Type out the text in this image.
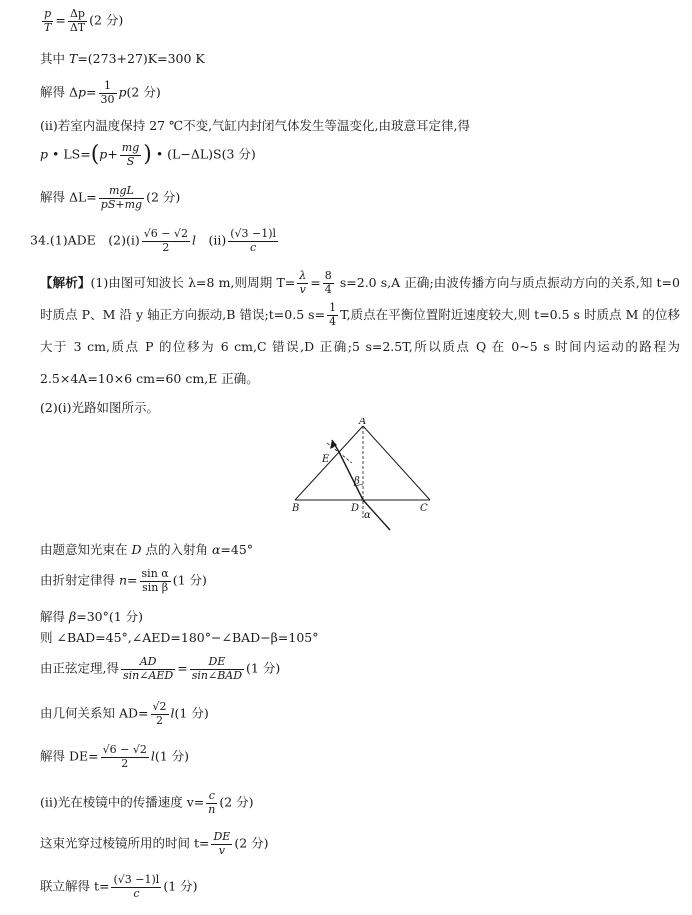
$\frac{p}{T} = \frac{\Delta p}{\Delta T} (2$ 分)
其中 T=(273+27)K=300 K
解得 $\Delta p= \frac{1}{30} p(2$ 分)
(ⅱ)若室内温度保持 27 ℃不变,气缸内封闭气体发生等温变化,由玻意耳定律,得
p • $LS=(p+ \frac{mg}{S}$ ) • (L−ΔL)S(3 分)
解得 ΔL=	mgL
pS+mg (2 分)
34.(1)ADE　(2)(ⅰ) $\frac{√6 - √2}{2}$ l　(ⅱ) $\frac{(√3 -1)l}{c}$
【解析】(1)由图可知波长 λ=8 m,则周期 $T= \frac{\lambda}{v} = \frac{8}{4} s=2.0$ s,A 正确;由波传播方向与质点振动方向的关系,知 t=0 时质点 P、M 沿 y 轴正方向振动,B 错误;t=0.5 $s= \frac{1}{4} T$,质点在平衡位置附近速度较大,则 t=0.5 s 时质点 M 的位移大于 3 cm,质点 P 的位移为 6 cm,C 错误,D 正确;5 s=2.5T,所以质点 Q 在 0~5 s 时间内运动的路程为 2.5×4A=10×6 cm=60 cm,E 正确。
(2)(ⅰ)光路如图所示。
A
E
B	D	C
β
α
由题意知光束在 D 点的入射角 α=45°
由折射定律得 $n= \frac{\text{sin α}}{\text{sin β}} (1$ 分)
解得 β=30°(1 分)
则 ∠BAD=45°,∠AED=180°−∠BAD−β=105°
由正弦定理,得	AD
sin∠AED =	DE
sin∠BAD (1 分)
由几何关系知 $AD= \frac{√2}{2} l(1$ 分)
解得 $DE= \frac{√6 - √2}{2} l(1$ 分)
(ⅱ)光在棱镜中的传播速度 $v= \frac{c}{n} (2$ 分)
这束光穿过棱镜所用的时间 $t= \frac{DE}{v} (2$ 分)
联立解得 $t= \frac{(√3 -1)l}{c} (1$ 分)
